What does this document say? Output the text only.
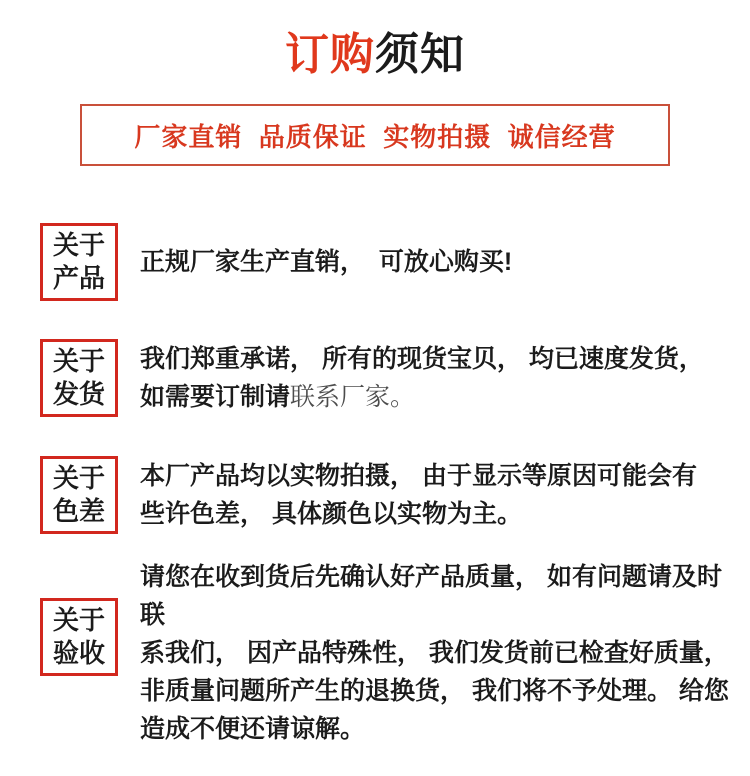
订购须知
厂家直销  品质保证  实物拍摄  诚信经营
关于
产品
正规厂家生产直销，  可放心购买!
关于
发货
我们郑重承诺， 所有的现货宝贝， 均已速度发货，
如需要订制请联系厂家。
关于
色差
本厂产品均以实物拍摄， 由于显示等原因可能会有
些许色差， 具体颜色以实物为主。
关于
验收
请您在收到货后先确认好产品质量， 如有问题请及时联
系我们， 因产品特殊性， 我们发货前已检查好质量，
非质量问题所产生的退换货， 我们将不予处理。 给您
造成不便还请谅解。
